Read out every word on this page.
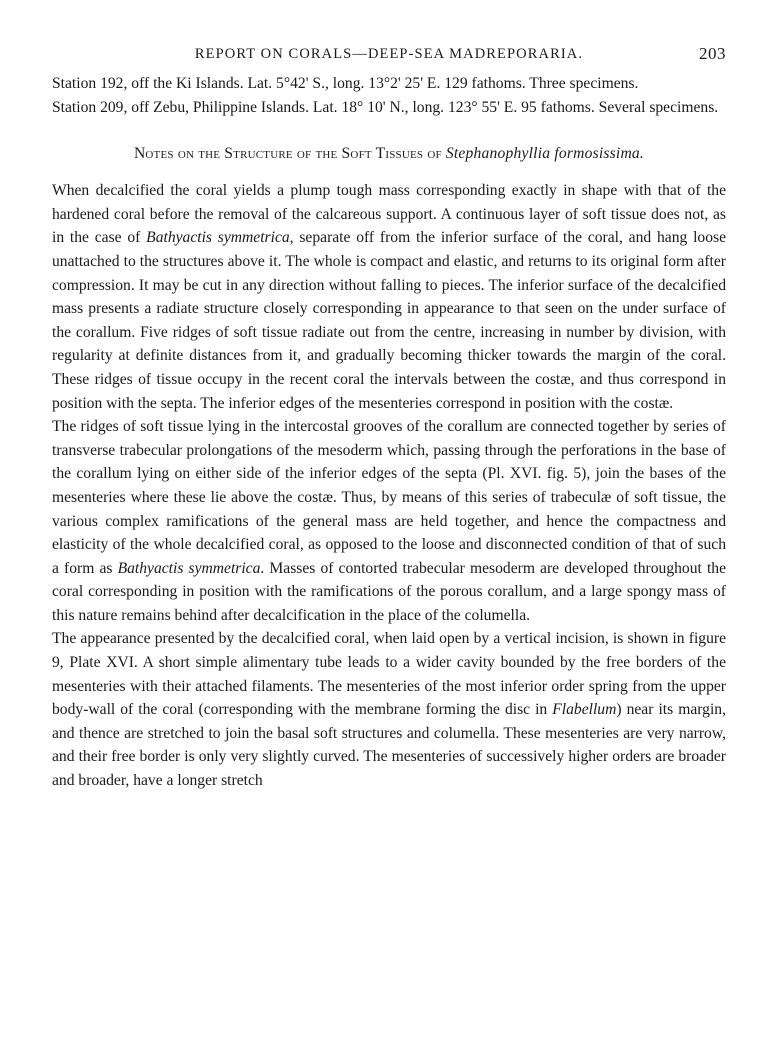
REPORT ON CORALS—DEEP-SEA MADREPORARIA.	203

Station 192, off the Ki Islands. Lat. 5°42' S., long. 13°2' 25' E. 129 fathoms. Three specimens.

Station 209, off Zebu, Philippine Islands. Lat. 18° 10' N., long. 123° 55' E. 95 fathoms. Several specimens.

Notes on the Structure of the Soft Tissues of Stephanophyllia formosissima.

When decalcified the coral yields a plump tough mass corresponding exactly in shape with that of the hardened coral before the removal of the calcareous support. A continuous layer of soft tissue does not, as in the case of Bathyactis symmetrica, separate off from the inferior surface of the coral, and hang loose unattached to the structures above it. The whole is compact and elastic, and returns to its original form after compression. It may be cut in any direction without falling to pieces. The inferior surface of the decalcified mass presents a radiate structure closely corresponding in appearance to that seen on the under surface of the corallum. Five ridges of soft tissue radiate out from the centre, increasing in number by division, with regularity at definite distances from it, and gradually becoming thicker towards the margin of the coral. These ridges of tissue occupy in the recent coral the intervals between the costæ, and thus correspond in position with the septa. The inferior edges of the mesenteries correspond in position with the costæ.

The ridges of soft tissue lying in the intercostal grooves of the corallum are connected together by series of transverse trabecular prolongations of the mesoderm which, passing through the perforations in the base of the corallum lying on either side of the inferior edges of the septa (Pl. XVI. fig. 5), join the bases of the mesenteries where these lie above the costæ. Thus, by means of this series of trabeculæ of soft tissue, the various complex ramifications of the general mass are held together, and hence the compactness and elasticity of the whole decalcified coral, as opposed to the loose and disconnected condition of that of such a form as Bathyactis symmetrica. Masses of contorted trabecular mesoderm are developed throughout the coral corresponding in position with the ramifications of the porous corallum, and a large spongy mass of this nature remains behind after decalcification in the place of the columella.

The appearance presented by the decalcified coral, when laid open by a vertical incision, is shown in figure 9, Plate XVI. A short simple alimentary tube leads to a wider cavity bounded by the free borders of the mesenteries with their attached filaments. The mesenteries of the most inferior order spring from the upper body-wall of the coral (corresponding with the membrane forming the disc in Flabellum) near its margin, and thence are stretched to join the basal soft structures and columella. These mesenteries are very narrow, and their free border is only very slightly curved. The mesenteries of successively higher orders are broader and broader, have a longer stretch
